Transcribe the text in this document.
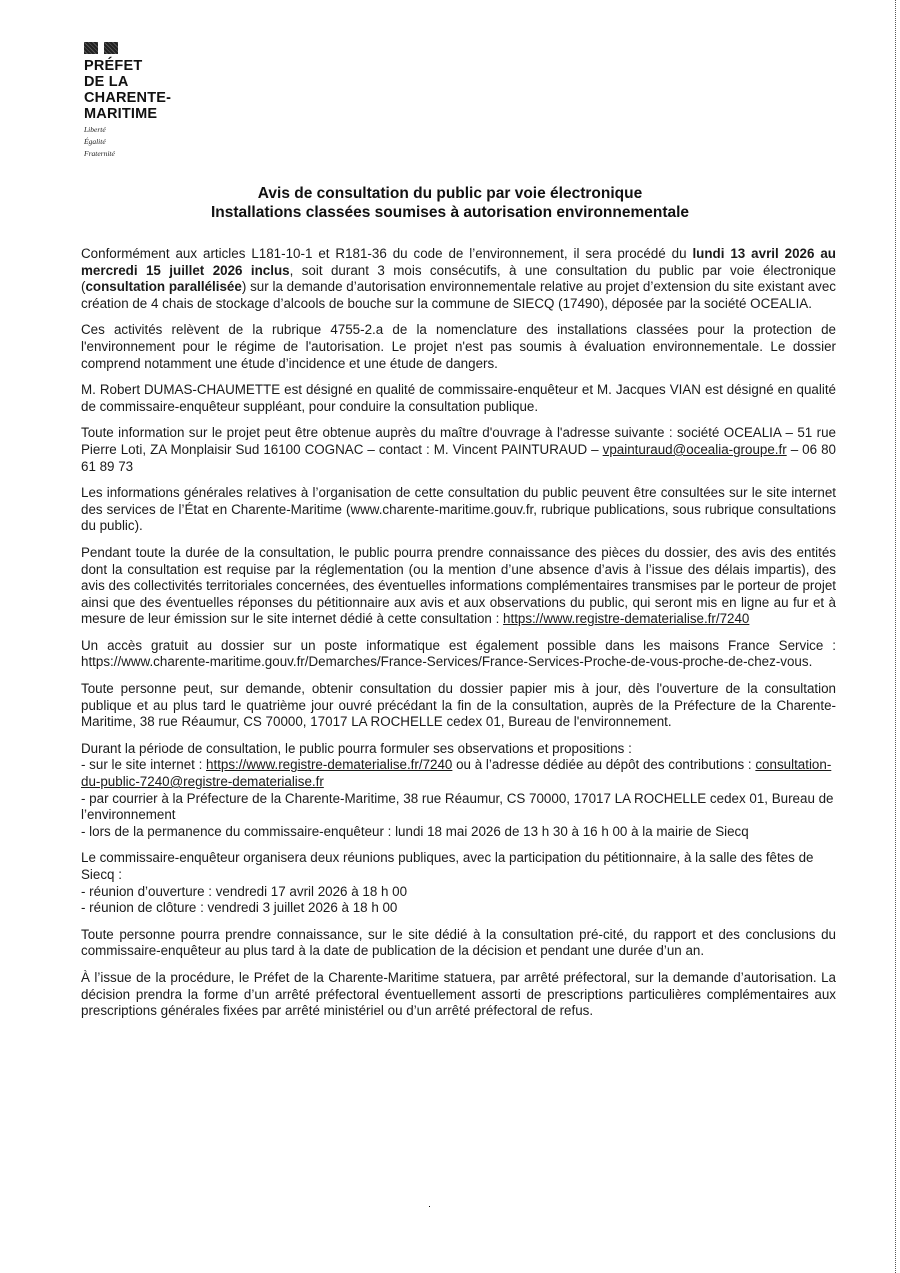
PRÉFET
DE LA
CHARENTE-
MARITIME
Liberté
Égalité
Fraternité
Avis de consultation du public par voie électronique
Installations classées soumises à autorisation environnementale

Conformément aux articles L181-10-1 et R181-36 du code de l’environnement, il sera procédé du lundi 13 avril 2026 au mercredi 15 juillet 2026 inclus, soit durant 3 mois consécutifs, à une consultation du public par voie électronique (consultation parallélisée) sur la demande d’autorisation environnementale relative au projet d’extension du site existant avec création de 4 chais de stockage d’alcools de bouche sur la commune de SIECQ (17490), déposée par la société OCEALIA.

Ces activités relèvent de la rubrique 4755-2.a de la nomenclature des installations classées pour la protection de l'environnement pour le régime de l'autorisation. Le projet n'est pas soumis à évaluation environnementale. Le dossier comprend notamment une étude d’incidence et une étude de dangers.

M. Robert DUMAS-CHAUMETTE est désigné en qualité de commissaire-enquêteur et M. Jacques VIAN est désigné en qualité de commissaire-enquêteur suppléant, pour conduire la consultation publique.

Toute information sur le projet peut être obtenue auprès du maître d'ouvrage à l'adresse suivante : société OCEALIA – 51 rue Pierre Loti, ZA Monplaisir Sud 16100 COGNAC – contact : M. Vincent PAINTURAUD – vpainturaud@ocealia-groupe.fr – 06 80 61 89 73

Les informations générales relatives à l’organisation de cette consultation du public peuvent être consultées sur le site internet des services de l’État en Charente-Maritime (www.charente-maritime.gouv.fr, rubrique publications, sous rubrique consultations du public).

Pendant toute la durée de la consultation, le public pourra prendre connaissance des pièces du dossier, des avis des entités dont la consultation est requise par la réglementation (ou la mention d’une absence d’avis à l’issue des délais impartis), des avis des collectivités territoriales concernées, des éventuelles informations complémentaires transmises par le porteur de projet ainsi que des éventuelles réponses du pétitionnaire aux avis et aux observations du public, qui seront mis en ligne au fur et à mesure de leur émission sur le site internet dédié à cette consultation : https://www.registre-dematerialise.fr/7240

Un accès gratuit au dossier sur un poste informatique est également possible dans les maisons France Service : https://www.charente-maritime.gouv.fr/Demarches/France-Services/France-Services-Proche-de-vous-proche-de-chez-vous.

Toute personne peut, sur demande, obtenir consultation du dossier papier mis à jour, dès l'ouverture de la consultation publique et au plus tard le quatrième jour ouvré précédant la fin de la consultation, auprès de la Préfecture de la Charente-Maritime, 38 rue Réaumur, CS 70000, 17017 LA ROCHELLE cedex 01, Bureau de l'environnement.

Durant la période de consultation, le public pourra formuler ses observations et propositions :
- sur le site internet : https://www.registre-dematerialise.fr/7240 ou à l’adresse dédiée au dépôt des contributions : consultation-du-public-7240@registre-dematerialise.fr
- par courrier à la Préfecture de la Charente-Maritime, 38 rue Réaumur, CS 70000, 17017 LA ROCHELLE cedex 01, Bureau de l’environnement
- lors de la permanence du commissaire-enquêteur : lundi 18 mai 2026 de 13 h 30 à 16 h 00 à la mairie de Siecq

Le commissaire-enquêteur organisera deux réunions publiques, avec la participation du pétitionnaire, à la salle des fêtes de Siecq :
- réunion d’ouverture : vendredi 17 avril 2026 à 18 h 00
- réunion de clôture : vendredi 3 juillet 2026 à 18 h 00

Toute personne pourra prendre connaissance, sur le site dédié à la consultation pré-cité, du rapport et des conclusions du commissaire-enquêteur au plus tard à la date de publication de la décision et pendant une durée d’un an.

À l’issue de la procédure, le Préfet de la Charente-Maritime statuera, par arrêté préfectoral, sur la demande d’autorisation. La décision prendra la forme d’un arrêté préfectoral éventuellement assorti de prescriptions particulières complémentaires aux prescriptions générales fixées par arrêté ministériel ou d’un arrêté préfectoral de refus.
